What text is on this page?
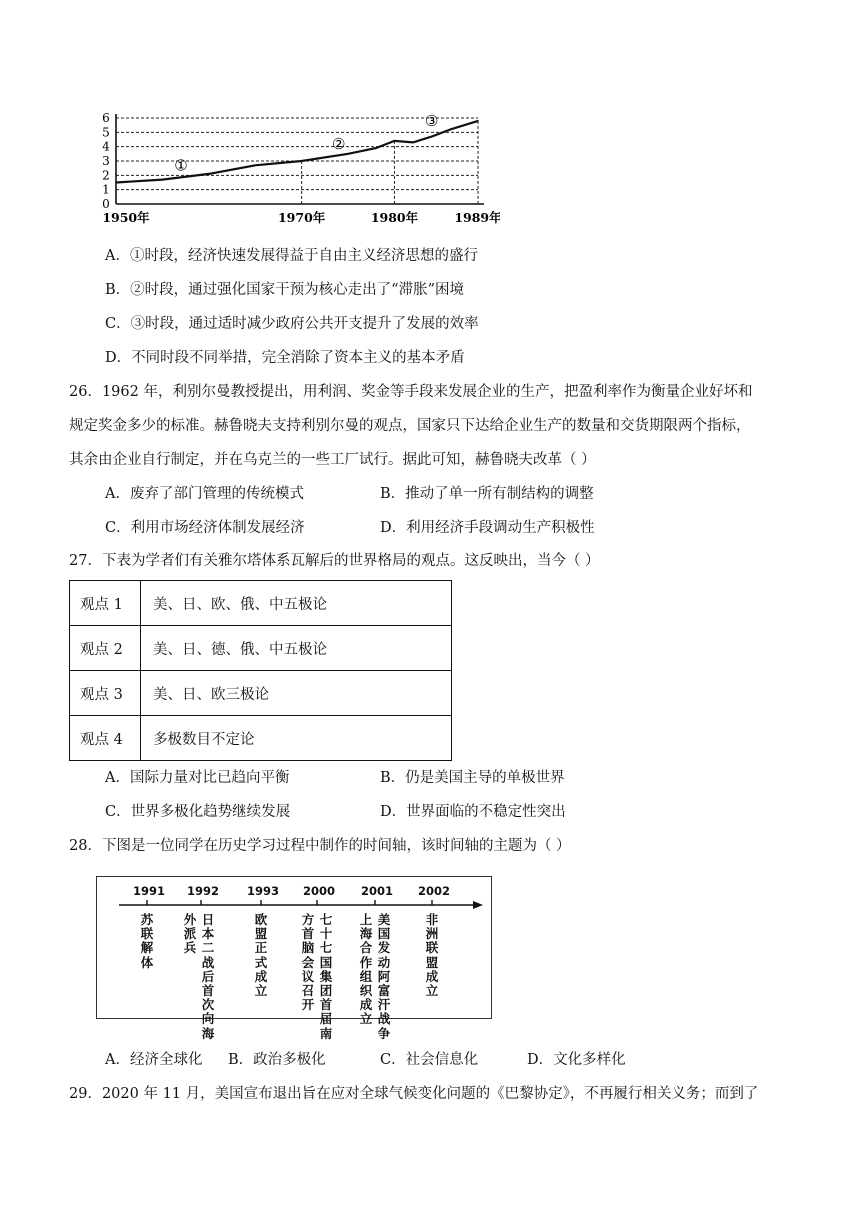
6
5
4
3
2
1
0
1950年	1970年	1980年	1989年
①
②
③
A．①时段，经济快速发展得益于自由主义经济思想的盛行
B．②时段，通过强化国家干预为核心走出了“滞胀”困境
C．③时段，通过适时减少政府公共开支提升了发展的效率
D．不同时段不同举措，完全消除了资本主义的基本矛盾
26．1962 年，利别尔曼教授提出，用利润、奖金等手段来发展企业的生产，把盈利率作为衡量企业好坏和
规定奖金多少的标准。赫鲁晓夫支持利别尔曼的观点，国家只下达给企业生产的数量和交货期限两个指标，
其余由企业自行制定，并在乌克兰的一些工厂试行。据此可知，赫鲁晓夫改革（ ）
A．废弃了部门管理的传统模式	B．推动了单一所有制结构的调整
C．利用市场经济体制发展经济	D．利用经济手段调动生产积极性
27．下表为学者们有关雅尔塔体系瓦解后的世界格局的观点。这反映出，当今（ ）
观点 1	美、日、欧、俄、中五极论
观点 2	美、日、德、俄、中五极论
观点 3	美、日、欧三极论
观点 4	多极数目不定论
A．国际力量对比已趋向平衡	B．仍是美国主导的单极世界
C．世界多极化趋势继续发展	D．世界面临的不稳定性突出
28．下图是一位同学在历史学习过程中制作的时间轴，该时间轴的主题为（ ）
1991 1992 1993 2000 2001 2002
苏联解体
外派兵
日本二战后首次向海
欧盟正式成立
方首脑会议召开
七十七国集团首届南
上海合作组织成立
美国发动阿富汗战争
非洲联盟成立
A．经济全球化 B．政治多极化	C．社会信息化	D．文化多样化
29．2020 年 11 月，美国宣布退出旨在应对全球气候变化问题的《巴黎协定》，不再履行相关义务；而到了
